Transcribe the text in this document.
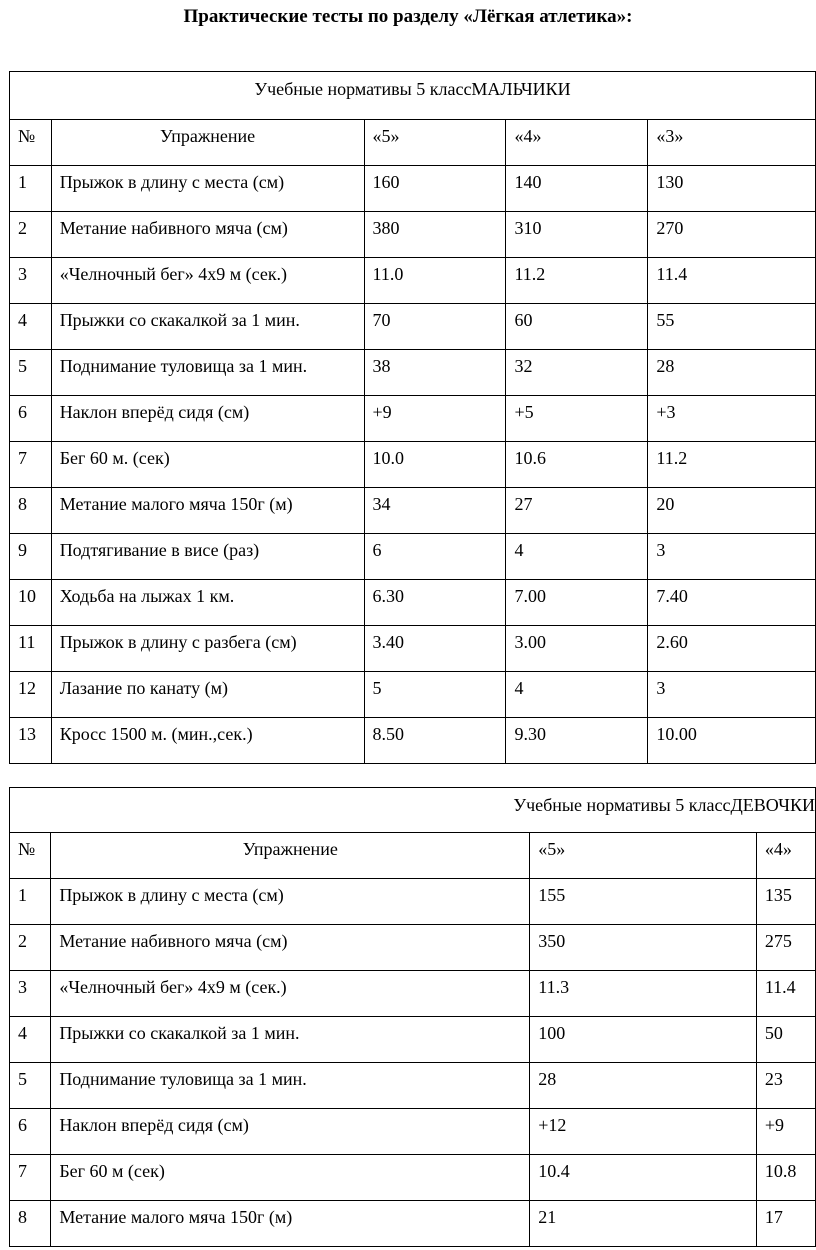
Практические тесты по разделу «Лёгкая атлетика»:
Учебные нормативы 5 классМАЛЬЧИКИ				
№	Упражнение	«5»	«4»	«3»
1	Прыжок в длину с места (см)	160	140	130
2	Метание набивного мяча (см)	380	310	270
3	«Челночный бег» 4х9 м (сек.)	11.0	11.2	11.4
4	Прыжки со скакалкой за 1 мин.	70	60	55
5	Поднимание туловища за 1 мин.	38	32	28
6	Наклон вперёд сидя (см)	+9	+5	+3
7	Бег 60 м. (сек)	10.0	10.6	11.2
8	Метание малого мяча 150г (м)	34	27	20
9	Подтягивание в висе (раз)	6	4	3
10	Ходьба на лыжах 1 км.	6.30	7.00	7.40
11	Прыжок в длину с разбега (см)	3.40	3.00	2.60
12	Лазание по канату (м)	5	4	3
13	Кросс 1500 м. (мин.,сек.)	8.50	9.30	10.00
Учебные нормативы 5 классДЕВОЧКИ			
№	Упражнение	«5»	«4»
1	Прыжок в длину с места (см)	155	135
2	Метание набивного мяча (см)	350	275
3	«Челночный бег» 4х9 м (сек.)	11.3	11.4
4	Прыжки со скакалкой за 1 мин.	100	50
5	Поднимание туловища за 1 мин.	28	23
6	Наклон вперёд сидя (см)	+12	+9
7	Бег 60 м (сек)	10.4	10.8
8	Метание малого мяча 150г (м)	21	17
